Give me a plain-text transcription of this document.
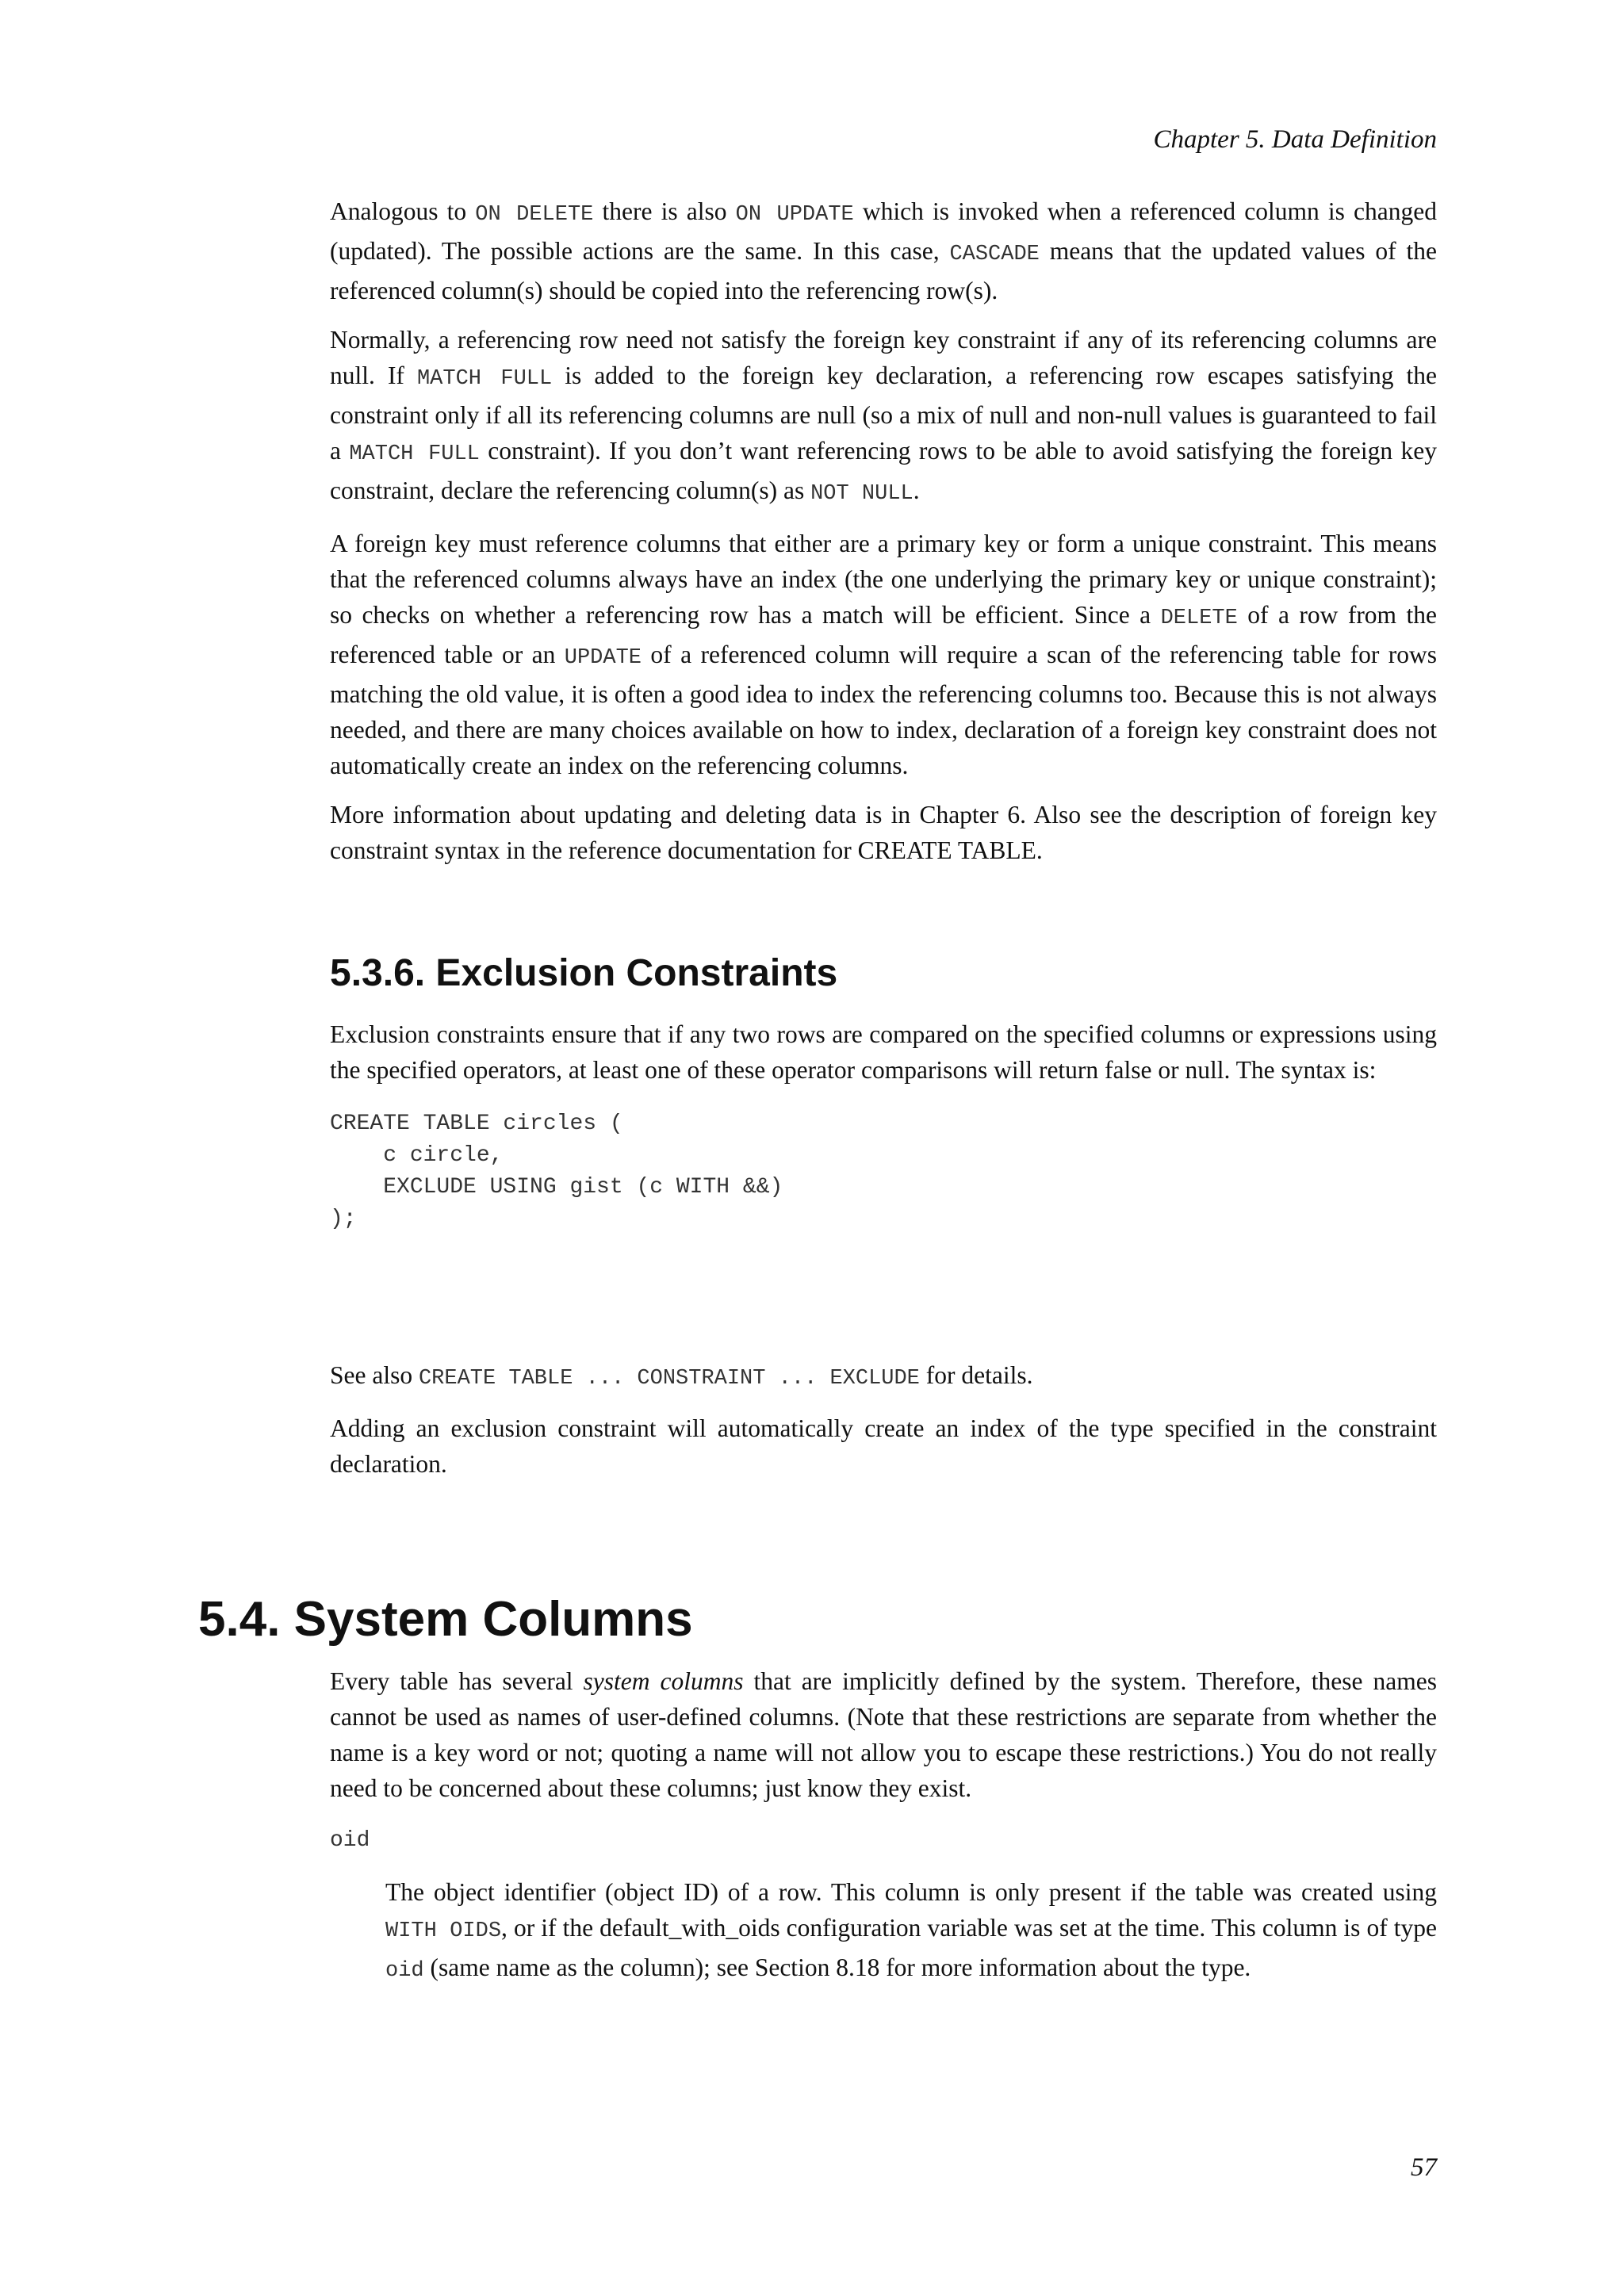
Chapter 5. Data Definition

Analogous to ON DELETE there is also ON UPDATE which is invoked when a referenced column is changed (updated). The possible actions are the same. In this case, CASCADE means that the updated values of the referenced column(s) should be copied into the referencing row(s).

Normally, a referencing row need not satisfy the foreign key constraint if any of its referencing columns are null. If MATCH FULL is added to the foreign key declaration, a referencing row escapes satisfying the constraint only if all its referencing columns are null (so a mix of null and non-null values is guaranteed to fail a MATCH FULL constraint). If you don’t want referencing rows to be able to avoid satisfying the foreign key constraint, declare the referencing column(s) as NOT NULL.

A foreign key must reference columns that either are a primary key or form a unique constraint. This means that the referenced columns always have an index (the one underlying the primary key or unique constraint); so checks on whether a referencing row has a match will be efficient. Since a DELETE of a row from the referenced table or an UPDATE of a referenced column will require a scan of the referencing table for rows matching the old value, it is often a good idea to index the referencing columns too. Because this is not always needed, and there are many choices available on how to index, declaration of a foreign key constraint does not automatically create an index on the referencing columns.

More information about updating and deleting data is in Chapter 6. Also see the description of foreign key constraint syntax in the reference documentation for CREATE TABLE.

5.3.6. Exclusion Constraints

Exclusion constraints ensure that if any two rows are compared on the specified columns or expressions using the specified operators, at least one of these operator comparisons will return false or null. The syntax is:

CREATE TABLE circles (
c circle,
EXCLUDE USING gist (c WITH &&)
);

See also CREATE TABLE ... CONSTRAINT ... EXCLUDE for details.

Adding an exclusion constraint will automatically create an index of the type specified in the constraint declaration.

5.4. System Columns

Every table has several system columns that are implicitly defined by the system. Therefore, these names cannot be used as names of user-defined columns. (Note that these restrictions are separate from whether the name is a key word or not; quoting a name will not allow you to escape these restrictions.) You do not really need to be concerned about these columns; just know they exist.

oid

The object identifier (object ID) of a row. This column is only present if the table was created using WITH OIDS, or if the default_with_oids configuration variable was set at the time. This column is of type oid (same name as the column); see Section 8.18 for more information about the type.

57
